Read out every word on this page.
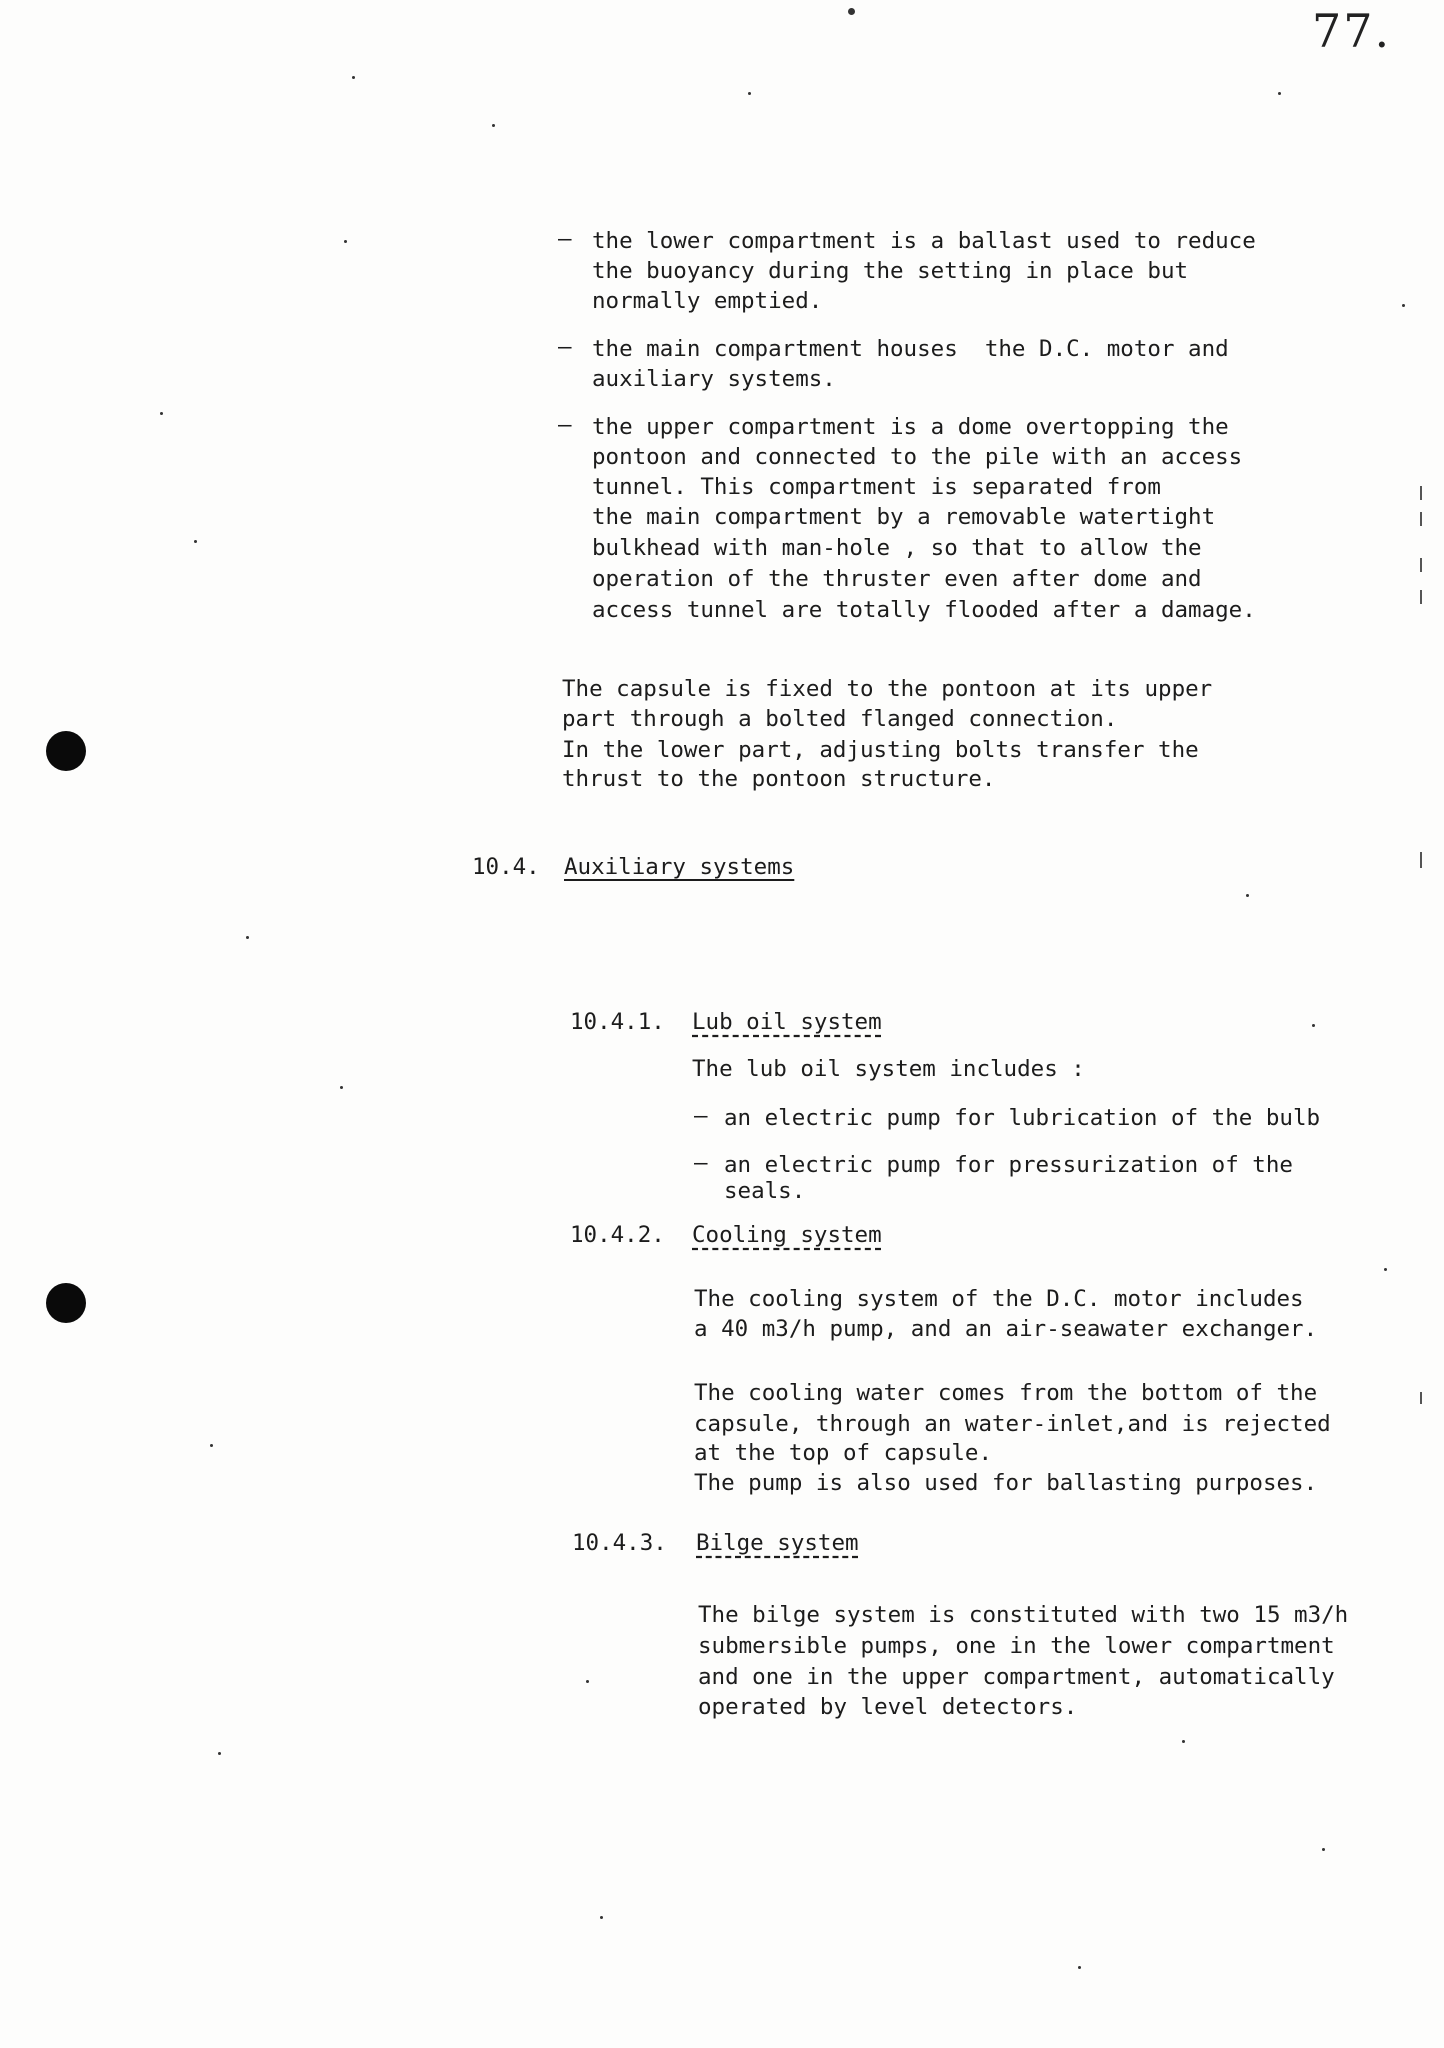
77.
– the lower compartment is a ballast used to reduce

the buoyancy during the setting in place but

normally emptied.

– the main compartment houses  the D.C. motor and

auxiliary systems.

– the upper compartment is a dome overtopping the

pontoon and connected to the pile with an access

tunnel. This compartment is separated from

the main compartment by a removable watertight

bulkhead with man-hole , so that to allow the

operation of the thruster even after dome and

access tunnel are totally flooded after a damage.

The capsule is fixed to the pontoon at its upper

part through a bolted flanged connection.

In the lower part, adjusting bolts transfer the

thrust to the pontoon structure.

10.4. Auxiliary systems
10.4.1. Lub oil system

The lub oil system includes :

– an electric pump for lubrication of the bulb

– an electric pump for pressurization of the

seals.

10.4.2. Cooling system

The cooling system of the D.C. motor includes

a 40 m3/h pump, and an air-seawater exchanger.

The cooling water comes from the bottom of the

capsule, through an water-inlet,and is rejected

at the top of capsule.

The pump is also used for ballasting purposes.

10.4.3. Bilge system

The bilge system is constituted with two 15 m3/h

submersible pumps, one in the lower compartment

and one in the upper compartment, automatically

operated by level detectors.
